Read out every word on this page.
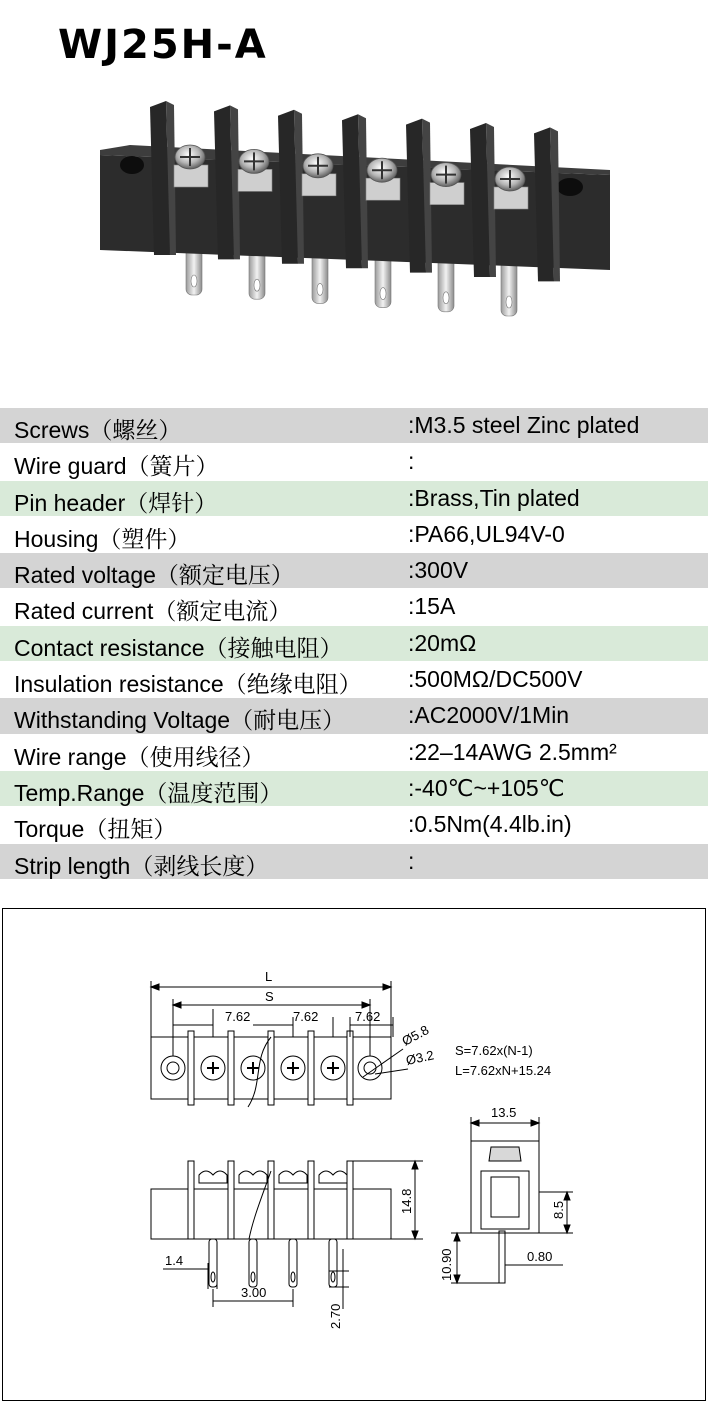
WJ25H-A
Screws（螺丝）	:M3.5 steel Zinc plated
Wire guard（簧片）	:
Pin header（焊针）	:Brass,Tin plated
Housing（塑件）	:PA66,UL94V-0
Rated voltage（额定电压）	:300V
Rated current（额定电流）	:15A
Contact resistance（接触电阻）	:20mΩ
Insulation resistance（绝缘电阻） :500MΩ/DC500V
Withstanding Voltage（耐电压）	:AC2000V/1Min
Wire range（使用线径）	:22–14AWG 2.5mm²
Temp.Range（温度范围）	:-40℃~+105℃
Torque（扭矩）	:0.5Nm(4.4lb.in)
Strip length（剥线长度）	:
L
S
7.62	7.62	7.62
Ø5.8
Ø3.2 S=7.62x(N-1)
L=7.62xN+15.24
13.5
8.5
14.8
10.90	0.80
1.4
3.00
2.70
